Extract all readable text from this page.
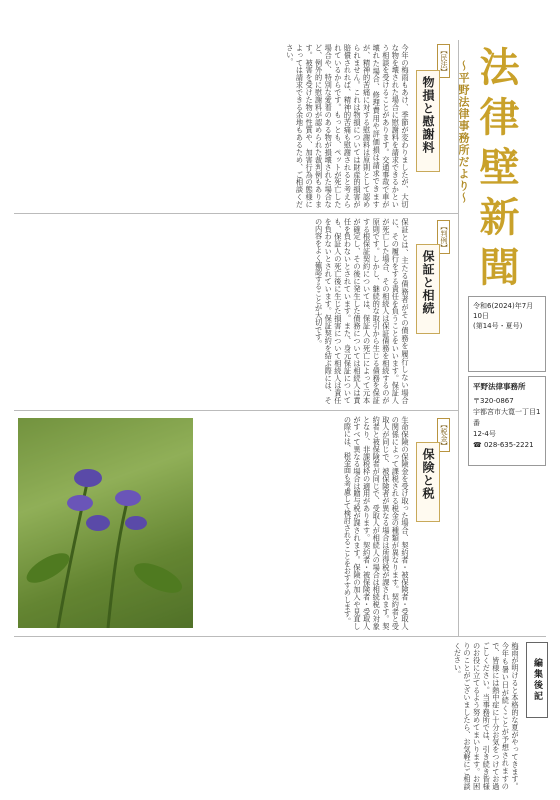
法律壁新聞
～平野法律事務所だより～
令和6(2024)年7月10日
(第14号・夏号)
平野法律事務所
〒320-0867
宇都宮市大寛一丁目1番
12-4号
☎ 028-635-2221
【民法】
物損と慰謝料
今年の梅雨もあけ、季節が変わりましたが、大切な物を壊された場合に慰謝料を請求できるかという相談を受けることがあります。交通事故で車が壊れた場合、修理費用や評価損は請求できますが、精神的苦痛に対する慰謝料は原則として認められません。これは物損については財産的損害が賠償されれば、精神的苦痛も慰謝されると考えられているからです。もっとも、ペットが死亡した場合や、特別な愛着のある物が損壊された場合など、例外的に慰謝料が認められた裁判例もあります。被害を受けた物の性質や、加害行為の態様によっては請求できる余地もあるため、ご相談ください。
【判例】
保証と相続
保証とは、主たる債務者がその債務を履行しない場合に、その履行をする責任を負うことをいいます。保証人が死亡した場合、その相続人は保証債務を相続するのが原則です。しかし、継続的な取引から生じる債務を保証する根保証契約については、保証人の死亡によって元本が確定し、その後に発生した債務については相続人は責任を負わないとされています。また、身元保証についても、保証人の死亡後に生じた損害について相続人は責任を負わないとされています。保証契約を結ぶ際には、その内容をよく確認することが大切です。
【税金】
保険と税
生命保険の保険金を受け取った場合、契約者・被保険者・受取人の関係によって課税される税金の種類が異なります。契約者と受取人が同じで、被保険者が異なる場合は所得税が課されます。契約者と被保険者が同じで、受取人が相続人の場合は相続税の対象となり、非課税枠の適用があります。契約者・被保険者・受取人がすべて異なる場合は贈与税が課されます。保険の加入や見直しの際には、税金面も考慮して検討されることをおすすめします。
編集後記
梅雨が明けると本格的な夏がやってきます。今年も暑い日が続くことが予想されますので、皆様には熱中症に十分お気をつけてお過ごしください。当事務所では、引き続き皆様のお役に立てるよう努めてまいります。お困りのことがございましたら、お気軽にご相談ください。
